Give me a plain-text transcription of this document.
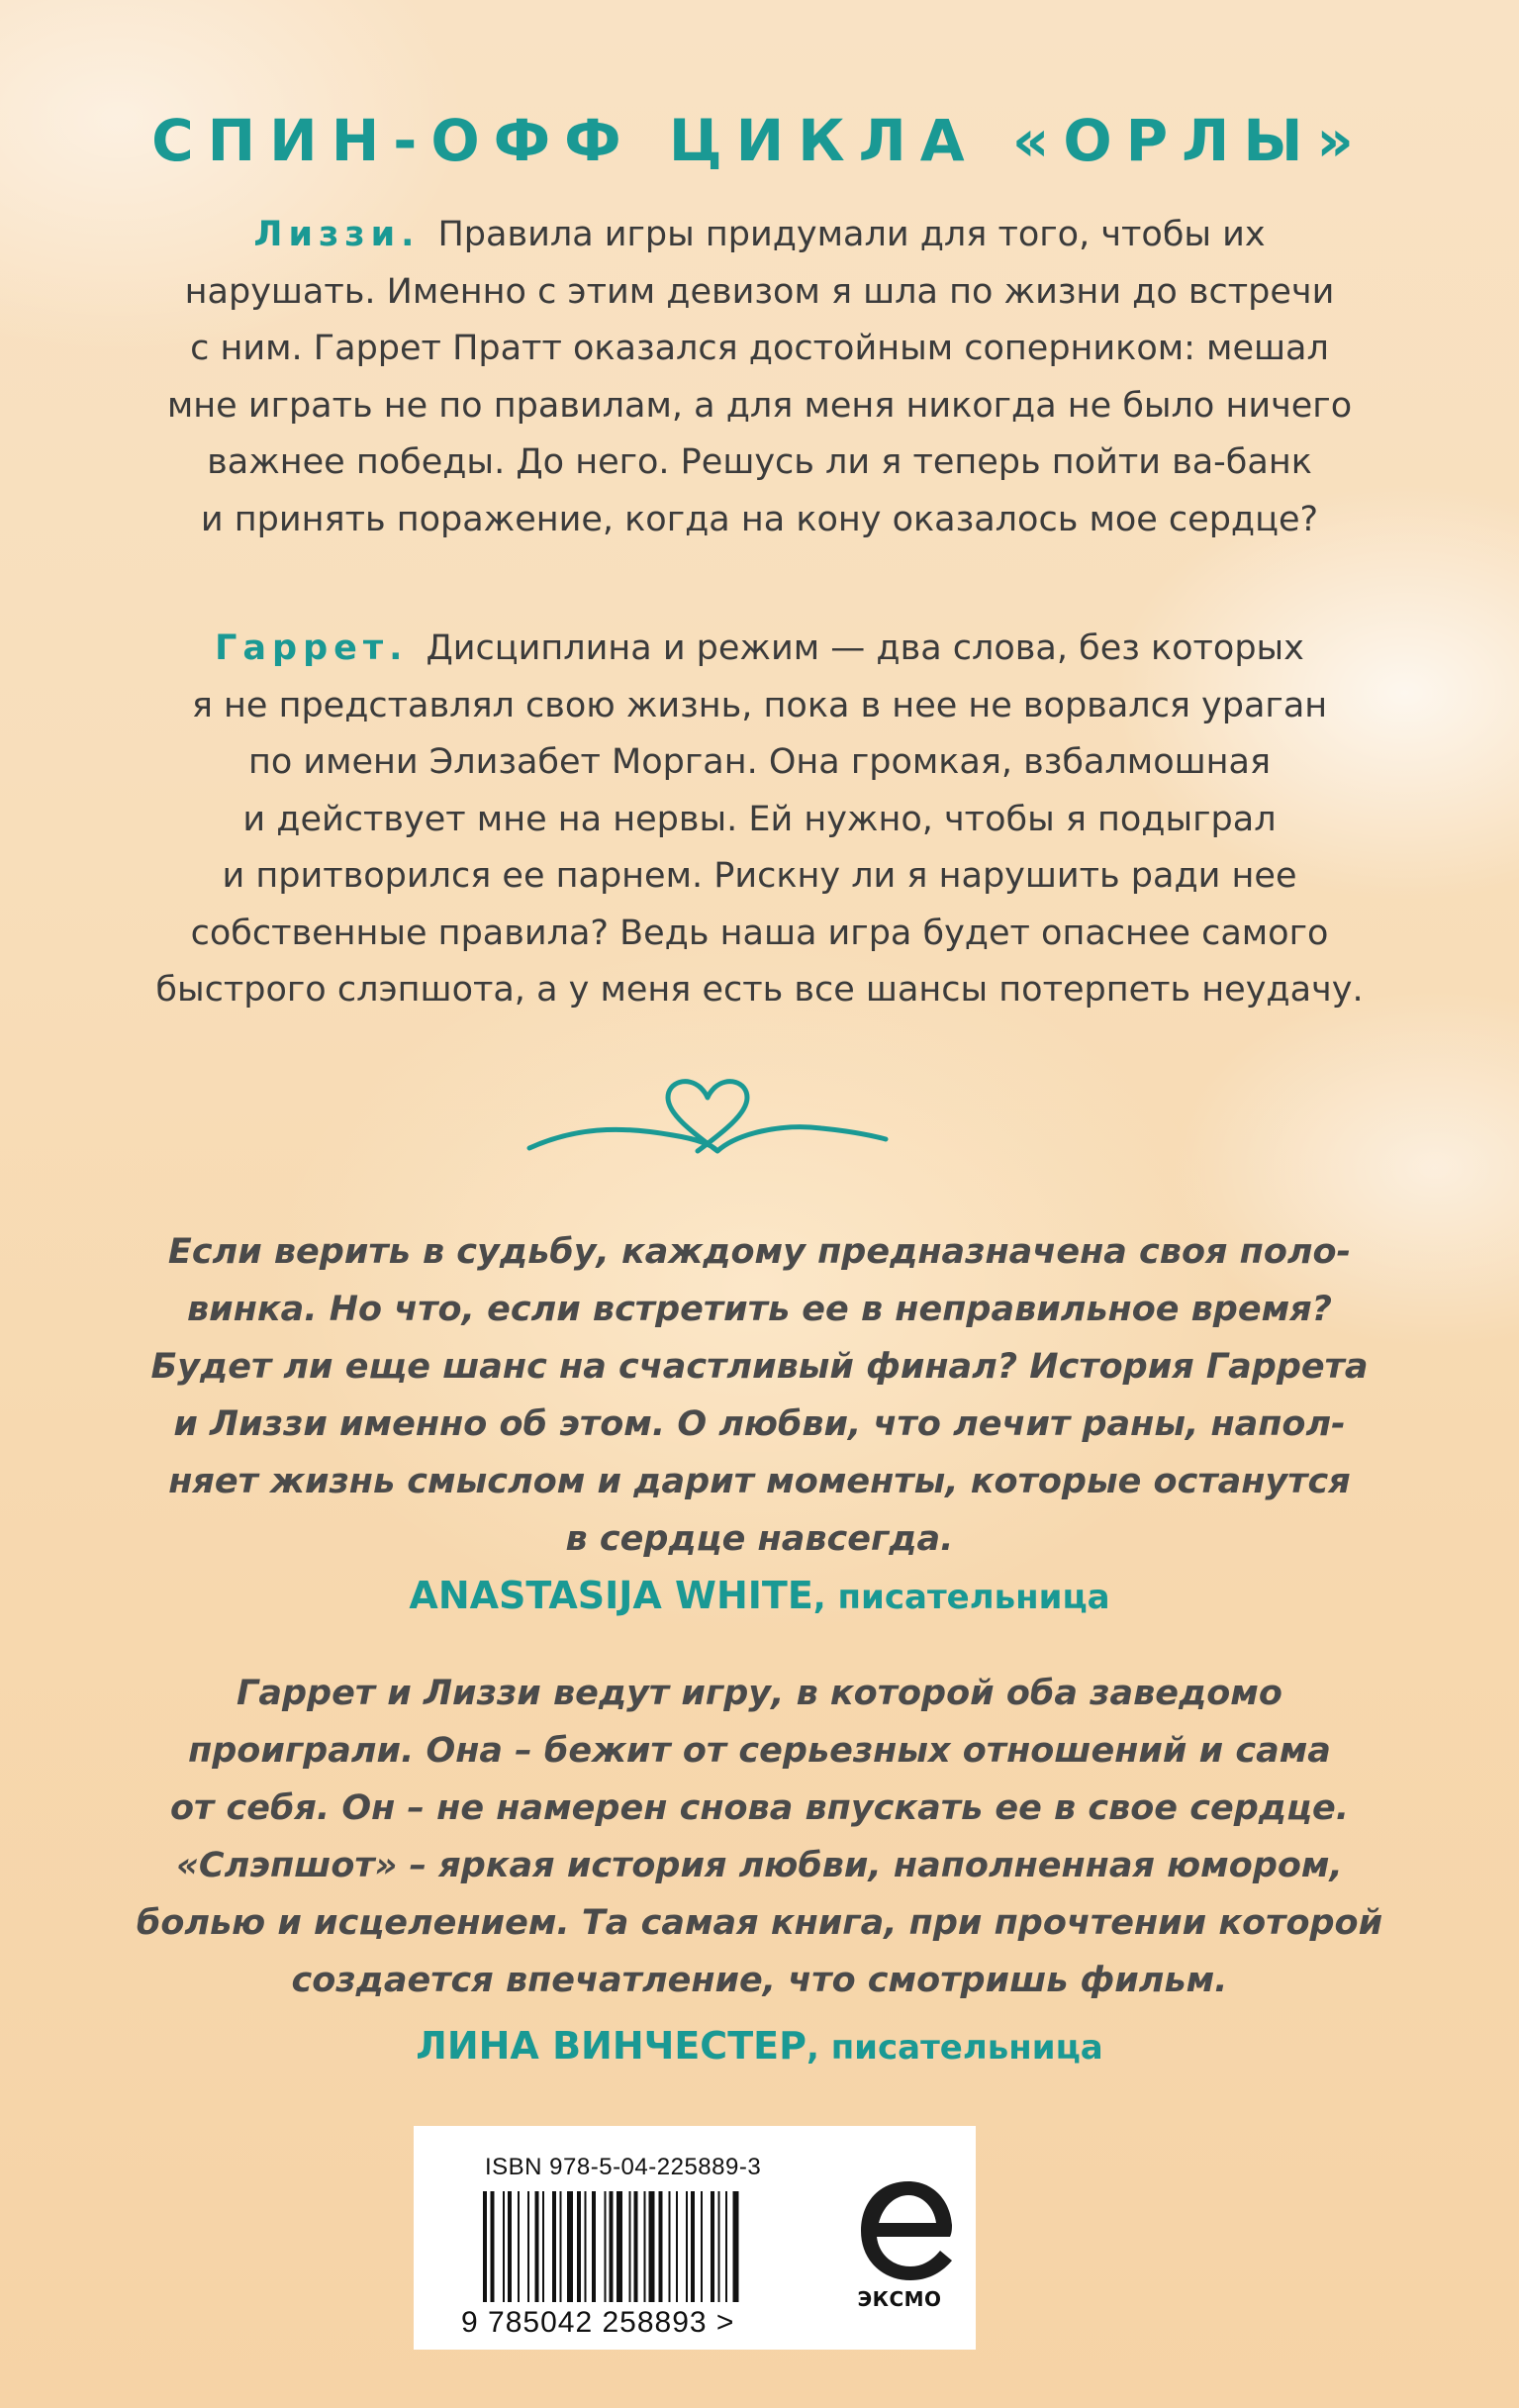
СПИН-ОФФ ЦИКЛА «ОРЛЫ»
Лиззи. Правила игры придумали для того, чтобы их
нарушать. Именно с этим девизом я шла по жизни до встречи
с ним. Гаррет Пратт оказался достойным соперником: мешал
мне играть не по правилам, а для меня никогда не было ничего
важнее победы. До него. Решусь ли я теперь пойти ва-банк
и принять поражение, когда на кону оказалось мое сердце?
Гаррет. Дисциплина и режим — два слова, без которых
я не представлял свою жизнь, пока в нее не ворвался ураган
по имени Элизабет Морган. Она громкая, взбалмошная
и действует мне на нервы. Ей нужно, чтобы я подыграл
и притворился ее парнем. Рискну ли я нарушить ради нее
собственные правила? Ведь наша игра будет опаснее самого
быстрого слэпшота, а у меня есть все шансы потерпеть неудачу.
Если верить в судьбу, каждому предназначена своя поло-
винка. Но что, если встретить ее в неправильное время?
Будет ли еще шанс на счастливый финал? История Гаррета
и Лиззи именно об этом. О любви, что лечит раны, напол-
няет жизнь смыслом и дарит моменты, которые останутся
в сердце навсегда.
ANASTASIJA WHITE, писательница
Гаррет и Лиззи ведут игру, в которой оба заведомо
проиграли. Она – бежит от серьезных отношений и сама
от себя. Он – не намерен снова впускать ее в свое сердце.
«Слэпшот» – яркая история любви, наполненная юмором,
болью и исцелением. Та самая книга, при прочтении которой
создается впечатление, что смотришь фильм.
ЛИНА ВИНЧЕСТЕР, писательница
ISBN 978-5-04-225889-3
9 785042 258893 >
ЭКСМО
